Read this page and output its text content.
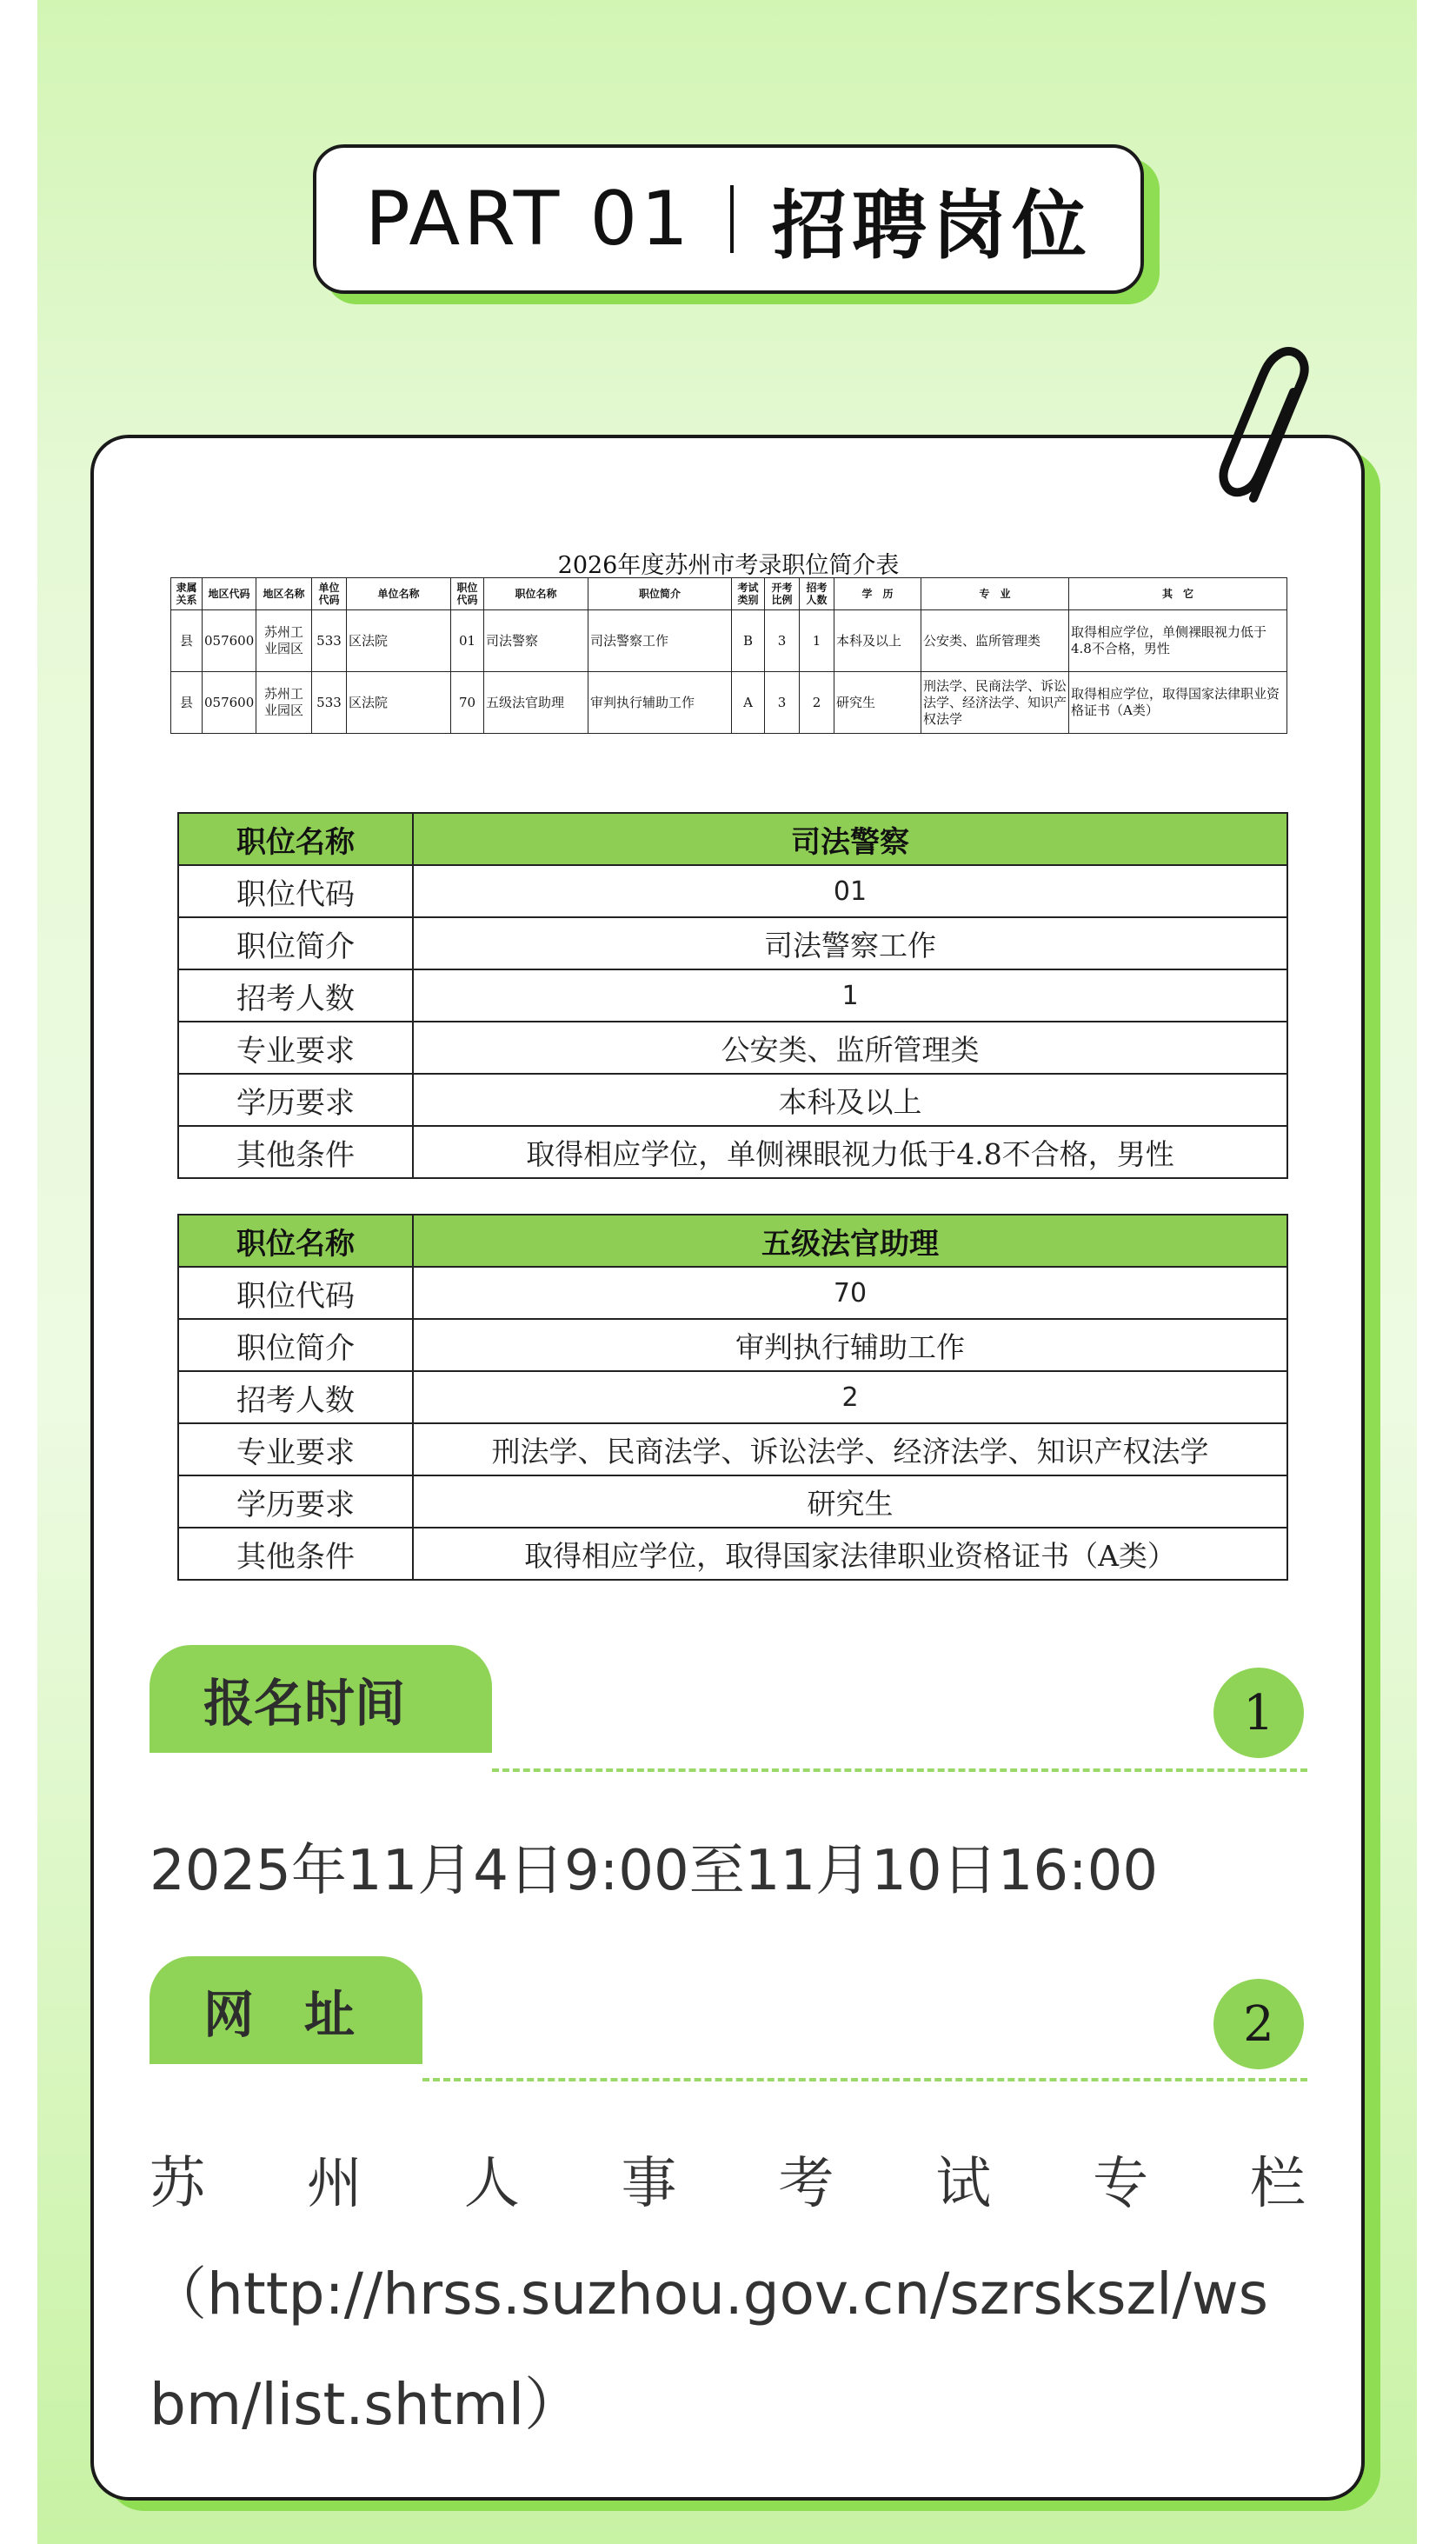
PART 01 招聘岗位
2026年度苏州市考录职位简介表
隶属关系	地区代码	地区名称	单位代码	单位名称	职位代码	职位名称	职位简介	考试类别	开考比例	招考人数	学　历	专　业	其　它
县	057600	苏州工业园区	533	区法院	01	司法警察	司法警察工作	B	3	1	本科及以上	公安类、监所管理类	取得相应学位，单侧裸眼视力低于4.8不合格，男性
县	057600	苏州工业园区	533	区法院	70	五级法官助理	审判执行辅助工作	A	3	2	研究生	刑法学、民商法学、诉讼法学、经济法学、知识产权法学	取得相应学位，取得国家法律职业资格证书（A类）
职位名称	司法警察
职位代码	01
职位简介	司法警察工作
招考人数	1
专业要求	公安类、监所管理类
学历要求	本科及以上
其他条件	取得相应学位，单侧裸眼视力低于4.8不合格，男性
职位名称	五级法官助理
职位代码	70
职位简介	审判执行辅助工作
招考人数	2
专业要求	刑法学、民商法学、诉讼法学、经济法学、知识产权法学
学历要求	研究生
其他条件	取得相应学位，取得国家法律职业资格证书（A类）
报名时间	1
2025年11月4日9:00至11月10日16:00
网　址	2
苏 州 人 事 考 试 专 栏
（http://hrss.suzhou.gov.cn/szrskszl/ws
bm/list.shtml）
